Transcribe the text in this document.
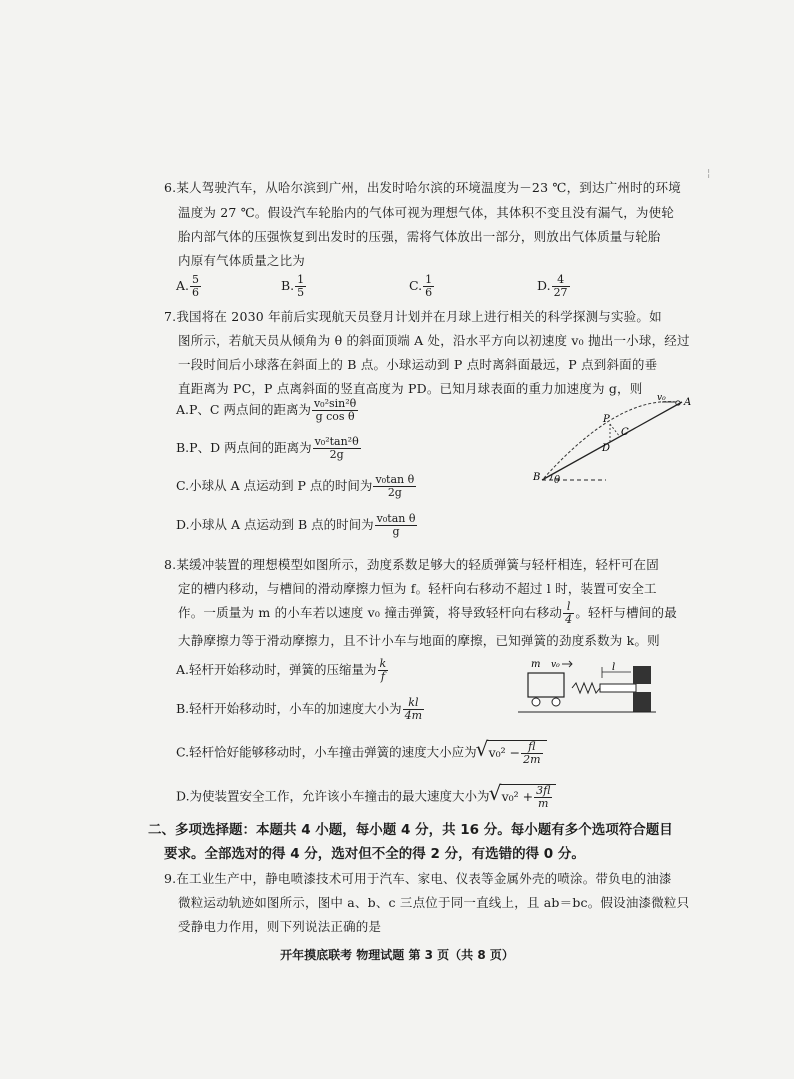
¦
6.某人驾驶汽车，从哈尔滨到广州，出发时哈尔滨的环境温度为－23 ℃，到达广州时的环境
温度为 27 ℃。假设汽车轮胎内的气体可视为理想气体，其体积不变且没有漏气，为使轮
胎内部气体的压强恢复到出发时的压强，需将气体放出一部分，则放出气体质量与轮胎
内原有气体质量之比为
A. $\frac{5}{6}$	B. $\frac{1}{5}$	C. $\frac{1}{6}$	D. $\frac{4}{27}$
7.我国将在 2030 年前后实现航天员登月计划并在月球上进行相关的科学探测与实验。如
图所示，若航天员从倾角为 θ 的斜面顶端 A 处，沿水平方向以初速度 v₀ 抛出一小球，经过
一段时间后小球落在斜面上的 B 点。小球运动到 P 点时离斜面最远，P 点到斜面的垂
直距离为 PC，P 点离斜面的竖直高度为 PD。已知月球表面的重力加速度为 g，则
A.P、C 两点间的距离为 $\frac{\text{v₀²sin²θ}}{\text{g cos θ}}$
B.P、D 两点间的距离为 $\frac{\text{v₀²tan²θ}}{2g}$
C.小球从 A 点运动到 P 点的时间为 $\frac{\text{v₀tan θ}}{2g}$
D.小球从 A 点运动到 B 点的时间为 $\frac{\text{v₀tan θ}}{g}$
A
v₀
P
C
D
B θ
8.某缓冲装置的理想模型如图所示，劲度系数足够大的轻质弹簧与轻杆相连，轻杆可在固
定的槽内移动，与槽间的滑动摩擦力恒为 f。轻杆向右移动不超过 l 时，装置可安全工
作。一质量为 m 的小车若以速度 v₀ 撞击弹簧，将导致轻杆向右移动 $\frac{l}{4}$ 。轻杆与槽间的最
大静摩擦力等于滑动摩擦力，且不计小车与地面的摩擦，已知弹簧的劲度系数为 k。则
A.轻杆开始移动时，弹簧的压缩量为 $\frac{k}{f}$
B.轻杆开始移动时，小车的加速度大小为 $\frac{kl}{4m}$
C.轻杆恰好能够移动时，小车撞击弹簧的速度大小应为 √ $v_0^2 - \frac{fl}{2m}$
D.为使装置安全工作，允许该小车撞击的最大速度大小为 √ $v_0^2 + \frac{3fl}{m}$
m v₀	l
二、多项选择题：本题共 4 小题，每小题 4 分，共 16 分。每小题有多个选项符合题目
要求。全部选对的得 4 分，选对但不全的得 2 分，有选错的得 0 分。
9.在工业生产中，静电喷漆技术可用于汽车、家电、仪表等金属外壳的喷涂。带负电的油漆
微粒运动轨迹如图所示，图中 a、b、c 三点位于同一直线上，且 ab＝bc。假设油漆微粒只
受静电力作用，则下列说法正确的是
开年摸底联考 物理试题 第 3 页（共 8 页）
